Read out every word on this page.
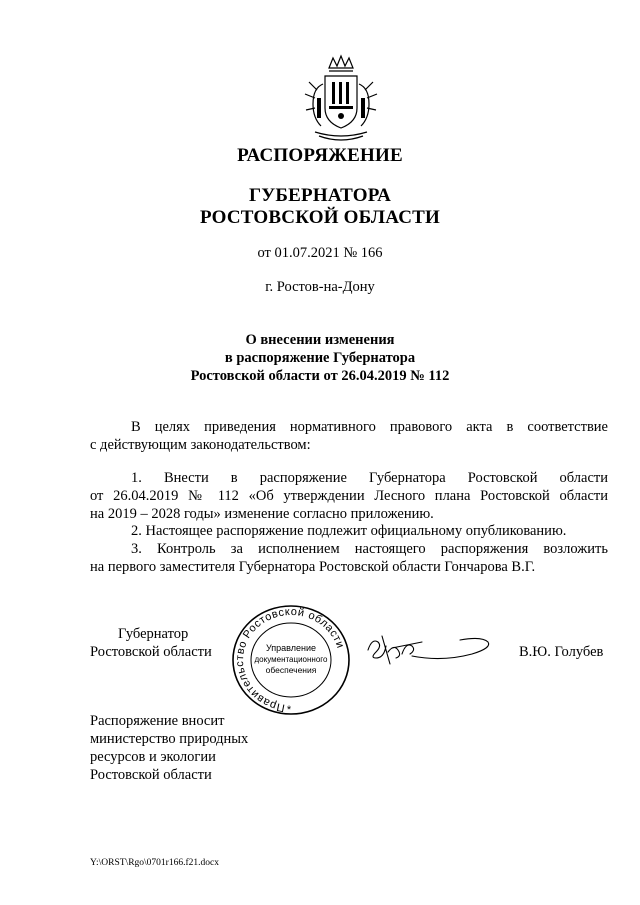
РАСПОРЯЖЕНИЕ
ГУБЕРНАТОРА
РОСТОВСКОЙ ОБЛАСТИ
от 01.07.2021 № 166
г. Ростов-на-Дону
О внесении изменения
в распоряжение Губернатора
Ростовской области от 26.04.2019 № 112
В целях приведения нормативного правового акта в соответствие
с действующим законодательством:
1. Внести в распоряжение Губернатора Ростовской области
от 26.04.2019 № 112 «Об утверждении Лесного плана Ростовской области
на 2019 – 2028 годы» изменение согласно приложению.
2. Настоящее распоряжение подлежит официальному опубликованию.
3. Контроль за исполнением настоящего распоряжения возложить
на первого заместителя Губернатора Ростовской области Гончарова В.Г.
Губернатор
Ростовской области	В.Ю. Голубев
Правительство Ростовской области
Управление
документационного
обеспечения
*
Распоряжение вносит
министерство природных
ресурсов и экологии
Ростовской области
Y:\ORST\Rgo\0701r166.f21.docx
